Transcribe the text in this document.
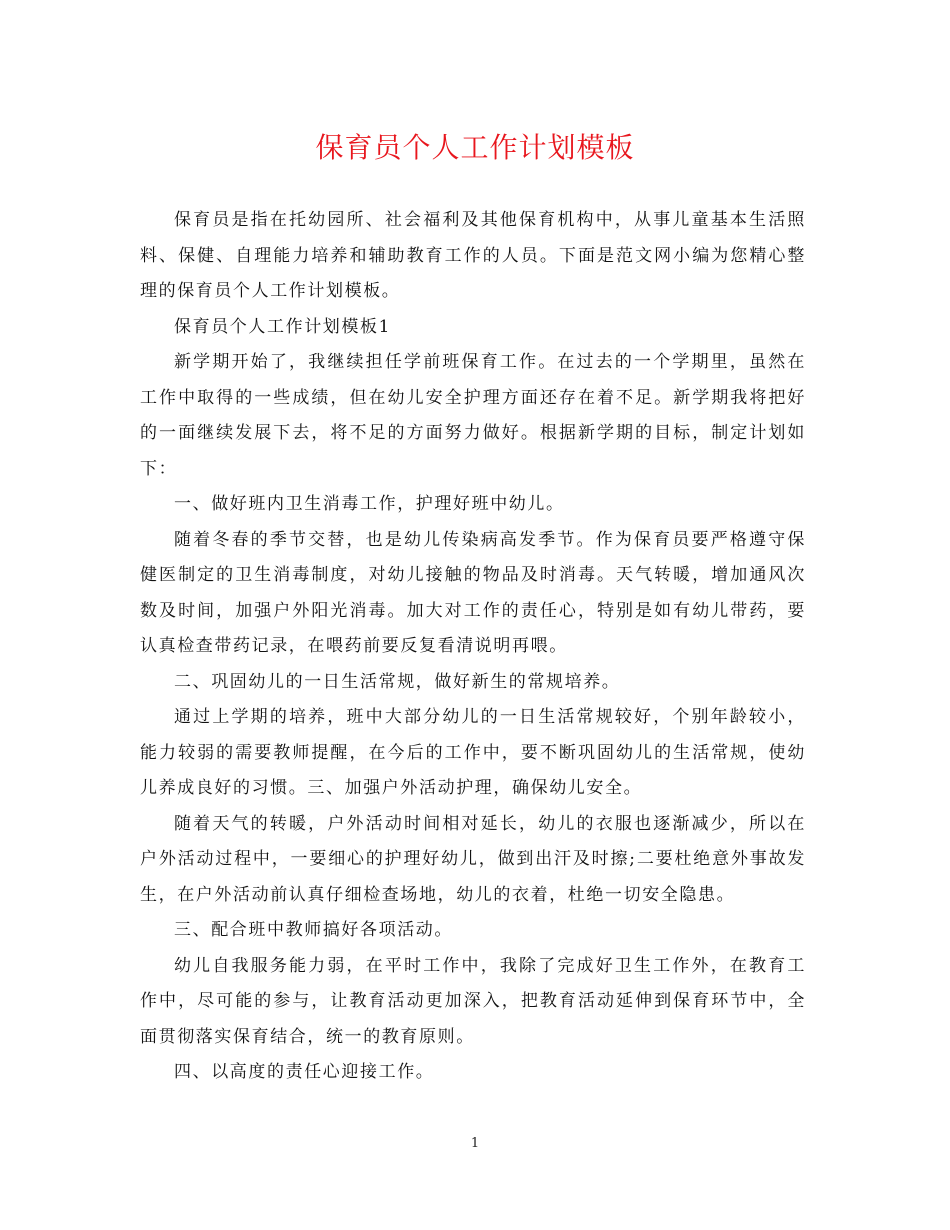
保育员个人工作计划模板

保育员是指在托幼园所、社会福利及其他保育机构中，从事儿童基本生活照料、保健、自理能力培养和辅助教育工作的人员。下面是范文网小编为您精心整理的保育员个人工作计划模板。

保育员个人工作计划模板1

新学期开始了，我继续担任学前班保育工作。在过去的一个学期里，虽然在工作中取得的一些成绩，但在幼儿安全护理方面还存在着不足。新学期我将把好的一面继续发展下去，将不足的方面努力做好。根据新学期的目标，制定计划如下：

一、做好班内卫生消毒工作，护理好班中幼儿。

随着冬春的季节交替，也是幼儿传染病高发季节。作为保育员要严格遵守保健医制定的卫生消毒制度，对幼儿接触的物品及时消毒。天气转暖，增加通风次数及时间，加强户外阳光消毒。加大对工作的责任心，特别是如有幼儿带药，要认真检查带药记录，在喂药前要反复看清说明再喂。

二、巩固幼儿的一日生活常规，做好新生的常规培养。

通过上学期的培养，班中大部分幼儿的一日生活常规较好，个别年龄较小，能力较弱的需要教师提醒，在今后的工作中，要不断巩固幼儿的生活常规，使幼儿养成良好的习惯。三、加强户外活动护理，确保幼儿安全。

随着天气的转暖，户外活动时间相对延长，幼儿的衣服也逐渐减少，所以在户外活动过程中，一要细心的护理好幼儿，做到出汗及时擦;二要杜绝意外事故发生，在户外活动前认真仔细检查场地，幼儿的衣着，杜绝一切安全隐患。

三、配合班中教师搞好各项活动。

幼儿自我服务能力弱，在平时工作中，我除了完成好卫生工作外，在教育工作中，尽可能的参与，让教育活动更加深入，把教育活动延伸到保育环节中，全面贯彻落实保育结合，统一的教育原则。

四、以高度的责任心迎接工作。

1
